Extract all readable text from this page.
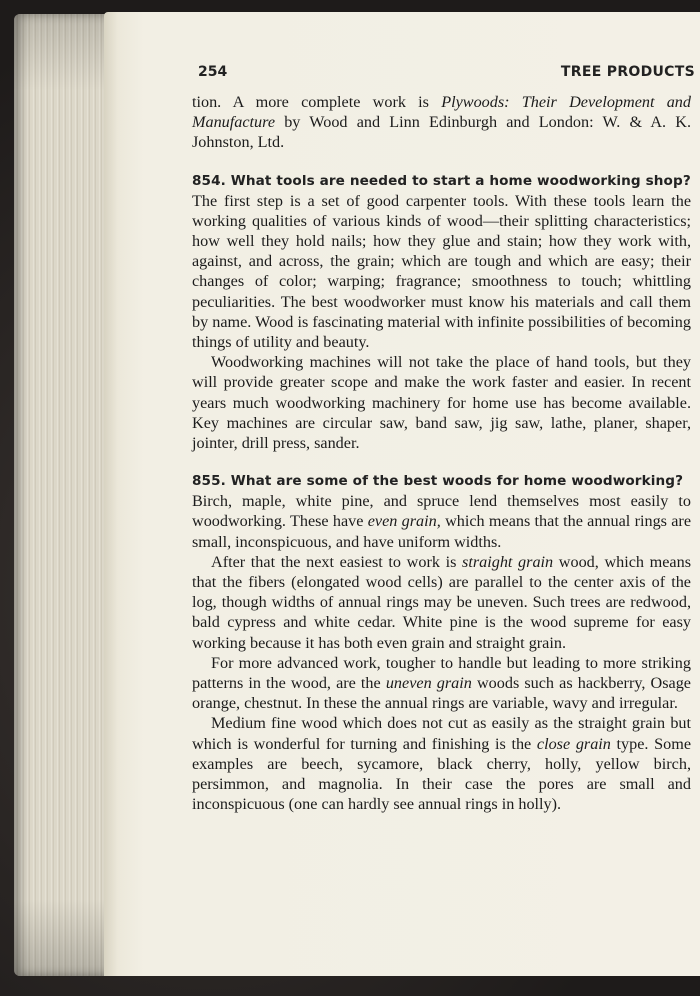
254	TREE PRODUCTS

tion. A more complete work is Plywoods: Their Development and Manufacture by Wood and Linn Edinburgh and London: W. & A. K. Johnston, Ltd.

854. What tools are needed to start a home woodworking shop?

The first step is a set of good carpenter tools. With these tools learn the working qualities of various kinds of wood—their splitting characteristics; how well they hold nails; how they glue and stain; how they work with, against, and across, the grain; which are tough and which are easy; their changes of color; warping; fragrance; smoothness to touch; whittling peculiarities. The best woodworker must know his materials and call them by name. Wood is fascinating material with infinite possibilities of becoming things of utility and beauty.

Woodworking machines will not take the place of hand tools, but they will provide greater scope and make the work faster and easier. In recent years much woodworking machinery for home use has become available. Key machines are circular saw, band saw, jig saw, lathe, planer, shaper, jointer, drill press, sander.

855. What are some of the best woods for home woodworking?

Birch, maple, white pine, and spruce lend themselves most easily to woodworking. These have even grain, which means that the annual rings are small, inconspicuous, and have uniform widths.

After that the next easiest to work is straight grain wood, which means that the fibers (elongated wood cells) are parallel to the center axis of the log, though widths of annual rings may be uneven. Such trees are redwood, bald cypress and white cedar. White pine is the wood supreme for easy working because it has both even grain and straight grain.

For more advanced work, tougher to handle but leading to more striking patterns in the wood, are the uneven grain woods such as hackberry, Osage orange, chestnut. In these the annual rings are variable, wavy and irregular.

Medium fine wood which does not cut as easily as the straight grain but which is wonderful for turning and finishing is the close grain type. Some examples are beech, sycamore, black cherry, holly, yellow birch, persimmon, and magnolia. In their case the pores are small and inconspicuous (one can hardly see annual rings in holly).
